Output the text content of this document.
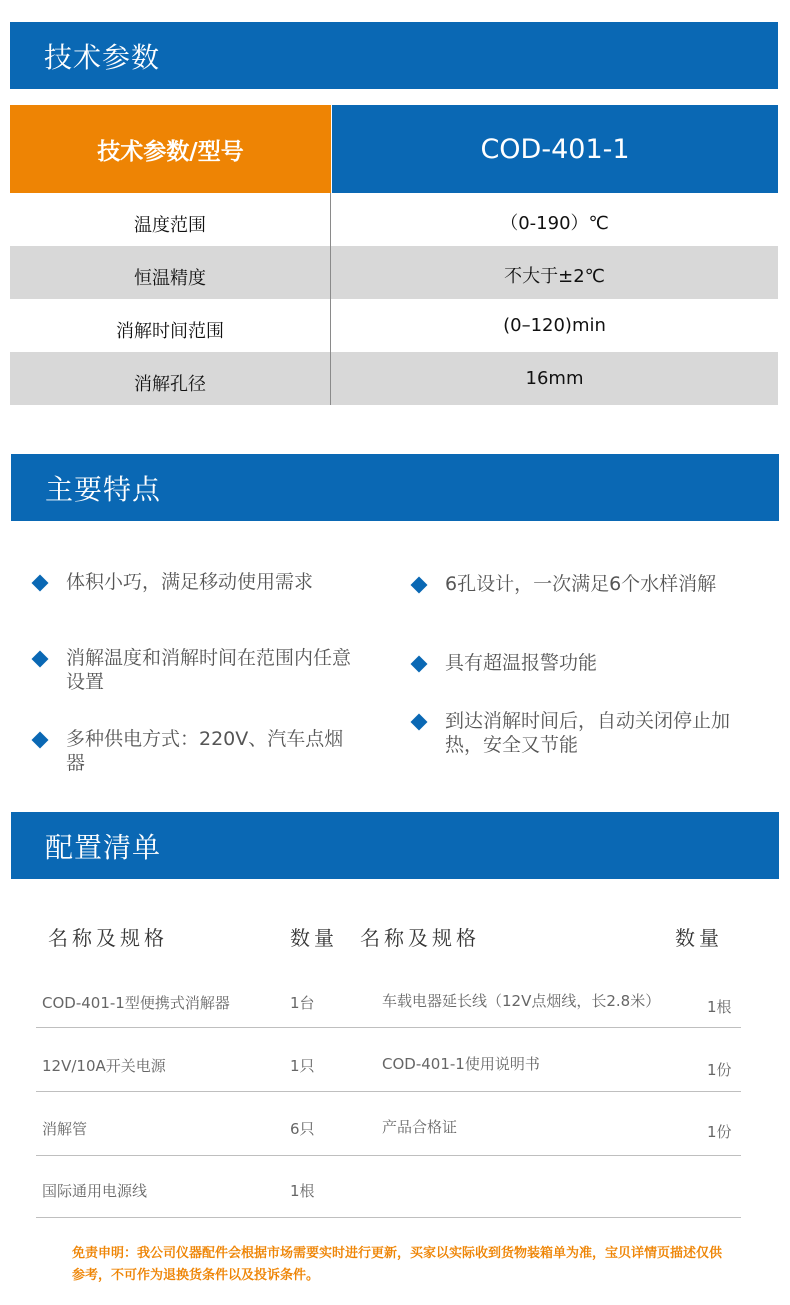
技术参数
技术参数/型号	COD-401-1
温度范围	（0-190）℃
恒温精度	不大于±2℃
消解时间范围	(0–120)min
消解孔径	16mm
主要特点
体积小巧，满足移动使用需求	6孔设计，一次满足6个水样消解
消解温度和消解时间在范围内任意设置
具有超温报警功能
多种供电方式：220V、汽车点烟器
到达消解时间后，自动关闭停止加热，安全又节能
配置清单
名称及规格	数量 名称及规格	数量
COD-401-1型便携式消解器	1台	车载电器延长线（12V点烟线，长2.8米）	1根
12V/10A开关电源	1只	COD-401-1使用说明书	1份
消解管	6只	产品合格证	1份
国际通用电源线	1根
免责申明：我公司仪器配件会根据市场需要实时进行更新，买家以实际收到货物装箱单为准，宝贝详情页描述仅供参考，不可作为退换货条件以及投诉条件。
